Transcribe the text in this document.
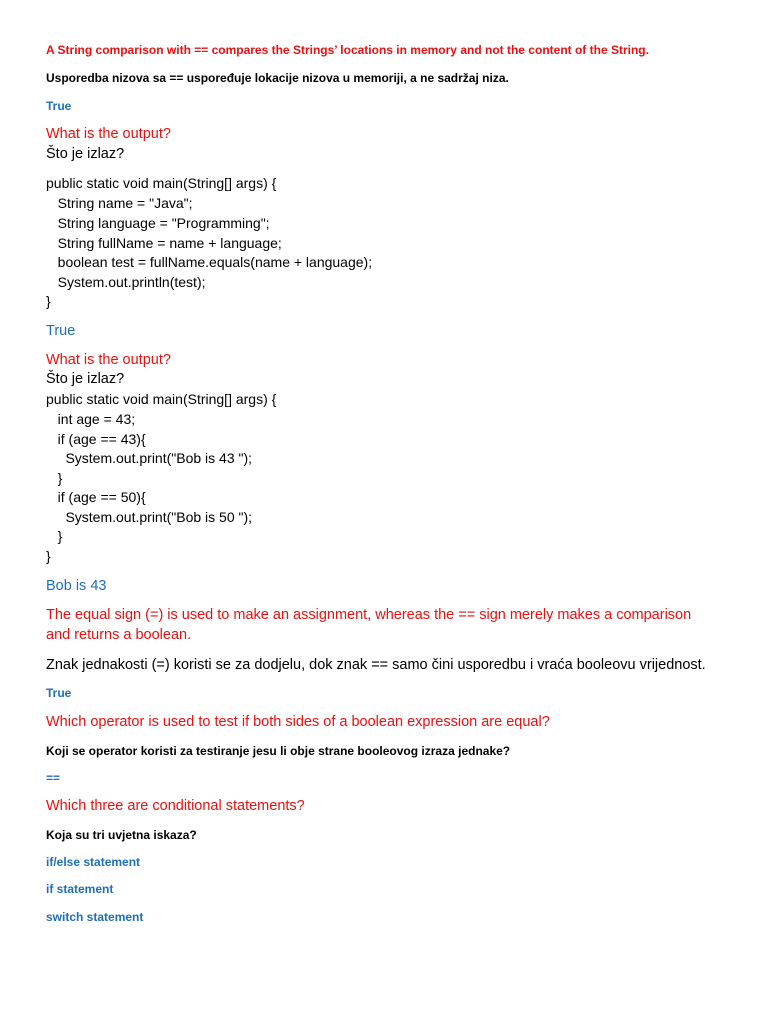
A String comparison with == compares the Strings’ locations in memory and not the content of the String.
Usporedba nizova sa == uspoređuje lokacije nizova u memoriji, a ne sadržaj niza.
True
What is the output?
Što je izlaz?
public static void main(String[] args) {
String name = "Java";
String language = "Programming";
String fullName = name + language;
boolean test = fullName.equals(name + language);
System.out.println(test);
}
True
What is the output?
Što je izlaz?
public static void main(String[] args) {
int age = 43;
if (age == 43){
System.out.print("Bob is 43 ");
}
if (age == 50){
System.out.print("Bob is 50 ");
}
}
Bob is 43
The equal sign (=) is used to make an assignment, whereas the == sign merely makes a comparison
and returns a boolean.
Znak jednakosti (=) koristi se za dodjelu, dok znak == samo čini usporedbu i vraća booleovu vrijednost.
True
Which operator is used to test if both sides of a boolean expression are equal?
Koji se operator koristi za testiranje jesu li obje strane booleovog izraza jednake?
==
Which three are conditional statements?
Koja su tri uvjetna iskaza?
if/else statement
if statement
switch statement
